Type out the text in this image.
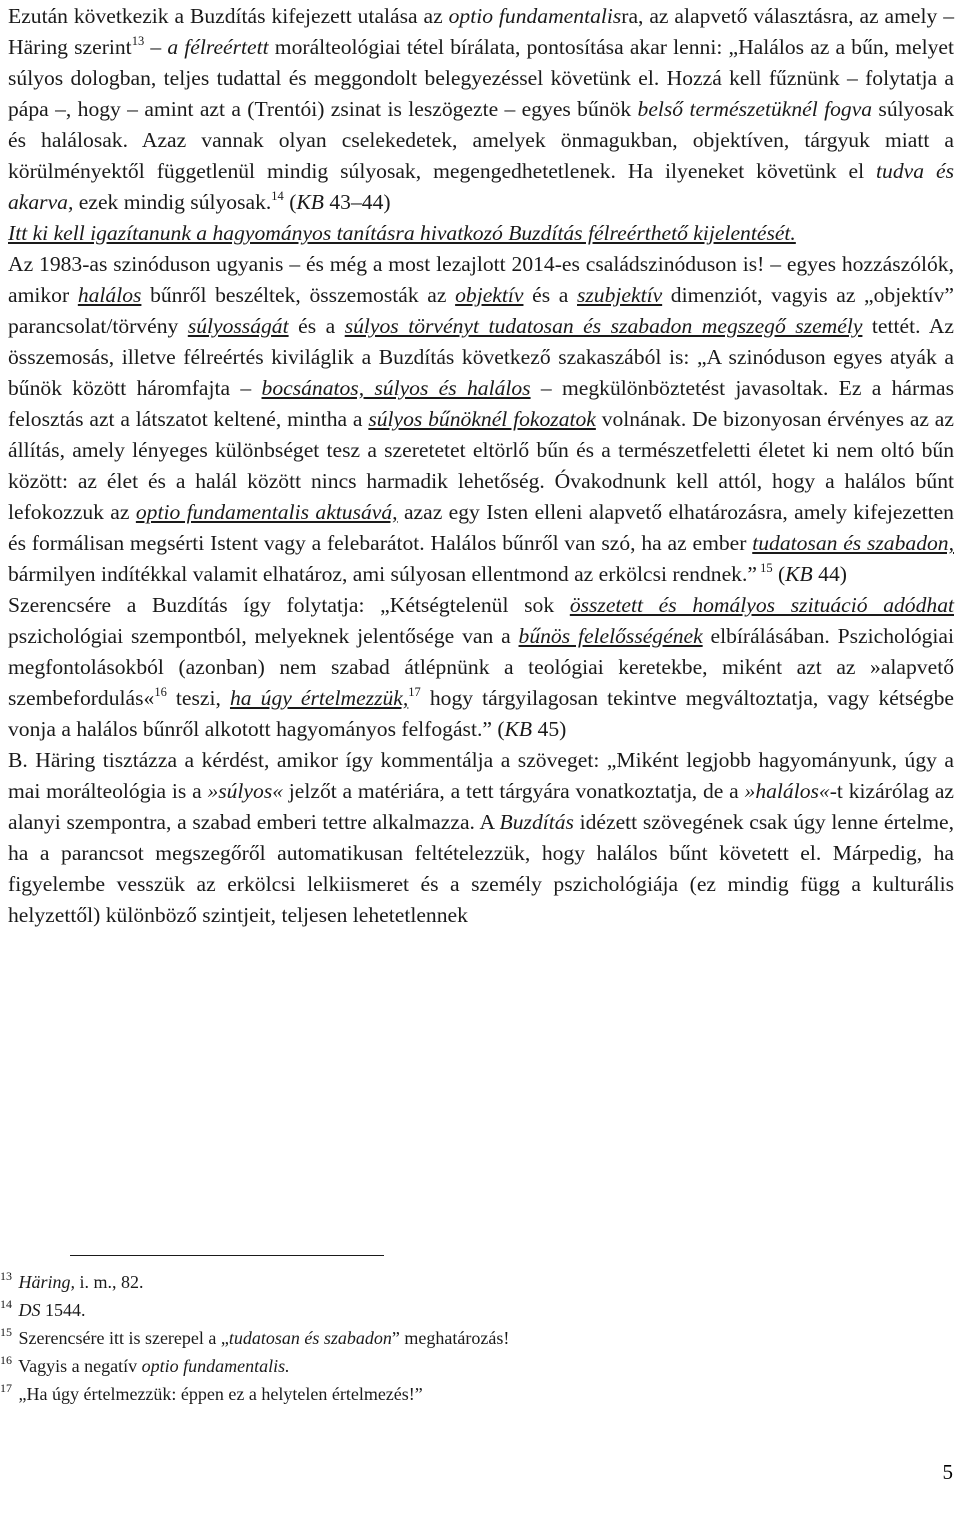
Ezután következik a Buzdítás kifejezett utalása az optio fundamentalisra, az alapvető választásra, az amely – Häring szerint$^{13}$ – a félreértett morálteológiai tétel bírálata, pontosítása akar lenni: „Halálos az a bűn, melyet súlyos dologban, teljes tudattal és meggondolt belegyezéssel követünk el. Hozzá kell fűznünk – folytatja a pápa –, hogy – amint azt a (Trentói) zsinat is leszögezte – egyes bűnök belső természetüknél fogva súlyosak és halálosak. Azaz vannak olyan cselekedetek, amelyek önmagukban, objektíven, tárgyuk miatt a körülményektől függetlenül mindig súlyosak, megengedhetetlenek. Ha ilyeneket követünk el tudva és akarva, ezek mindig súlyosak.$^{14}$ (KB 43–44)
Itt ki kell igazítanunk a hagyományos tanításra hivatkozó Buzdítás félreérthető kijelentését.
Az 1983-as szinóduson ugyanis – és még a most lezajlott 2014-es családszinóduson is! – egyes hozzászólók, amikor halálos bűnről beszéltek, összemosták az objektív és a szubjektív dimenziót, vagyis az „objektív” parancsolat/törvény súlyosságát és a súlyos törvényt tudatosan és szabadon megszegő személy tettét. Az összemosás, illetve félreértés kiviláglik a Buzdítás következő szakaszából is: „A szinóduson egyes atyák a bűnök között háromfajta – bocsánatos, súlyos és halálos – megkülönböztetést javasoltak. Ez a hármas felosztás azt a látszatot keltené, mintha a súlyos bűnöknél fokozatok volnának. De bizonyosan érvényes az az állítás, amely lényeges különbséget tesz a szeretetet eltörlő bűn és a természetfeletti életet ki nem oltó bűn között: az élet és a halál között nincs harmadik lehetőség. Óvakodnunk kell attól, hogy a halálos bűnt lefokozzuk az optio fundamentalis aktusává, azaz egy Isten elleni alapvető elhatározásra, amely kifejezetten és formálisan megsérti Istent vagy a felebarátot. Halálos bűnről van szó, ha az ember tudatosan és szabadon, bármilyen indítékkal valamit elhatároz, ami súlyosan ellentmond az erkölcsi rendnek.” $^{15}$ (KB 44)
Szerencsére a Buzdítás így folytatja: „Kétségtelenül sok összetett és homályos szituáció adódhat pszichológiai szempontból, melyeknek jelentősége van a bűnös felelősségének elbírálásában. Pszichológiai megfontolásokból (azonban) nem szabad átlépnünk a teológiai keretekbe, miként azt az »alapvető szembefordulás«$^{16}$ teszi, ha úgy értelmezzük,$^{17}$ hogy tárgyilagosan tekintve megváltoztatja, vagy kétségbe vonja a halálos bűnről alkotott hagyományos felfogást.” (KB 45)
B. Häring tisztázza a kérdést, amikor így kommentálja a szöveget: „Miként legjobb hagyományunk, úgy a mai morálteológia is a »súlyos« jelzőt a matériára, a tett tárgyára vonatkoztatja, de a »halálos«-t kizárólag az alanyi szempontra, a szabad emberi tettre alkalmazza. A Buzdítás idézett szövegének csak úgy lenne értelme, ha a parancsot megszegőről automatikusan feltételezzük, hogy halálos bűnt követett el. Márpedig, ha figyelembe vesszük az erkölcsi lelkiismeret és a személy pszichológiája (ez mindig függ a kulturális helyzettől) különböző szintjeit, teljesen lehetetlennek

$^{13}$ Häring, i. m., 82.

$^{14}$ DS 1544.

$^{15}$ Szerencsére itt is szerepel a „tudatosan és szabadon” meghatározás!

$^{16}$ Vagyis a negatív optio fundamentalis.

$^{17}$ „Ha úgy értelmezzük: éppen ez a helytelen értelmezés!”

5
